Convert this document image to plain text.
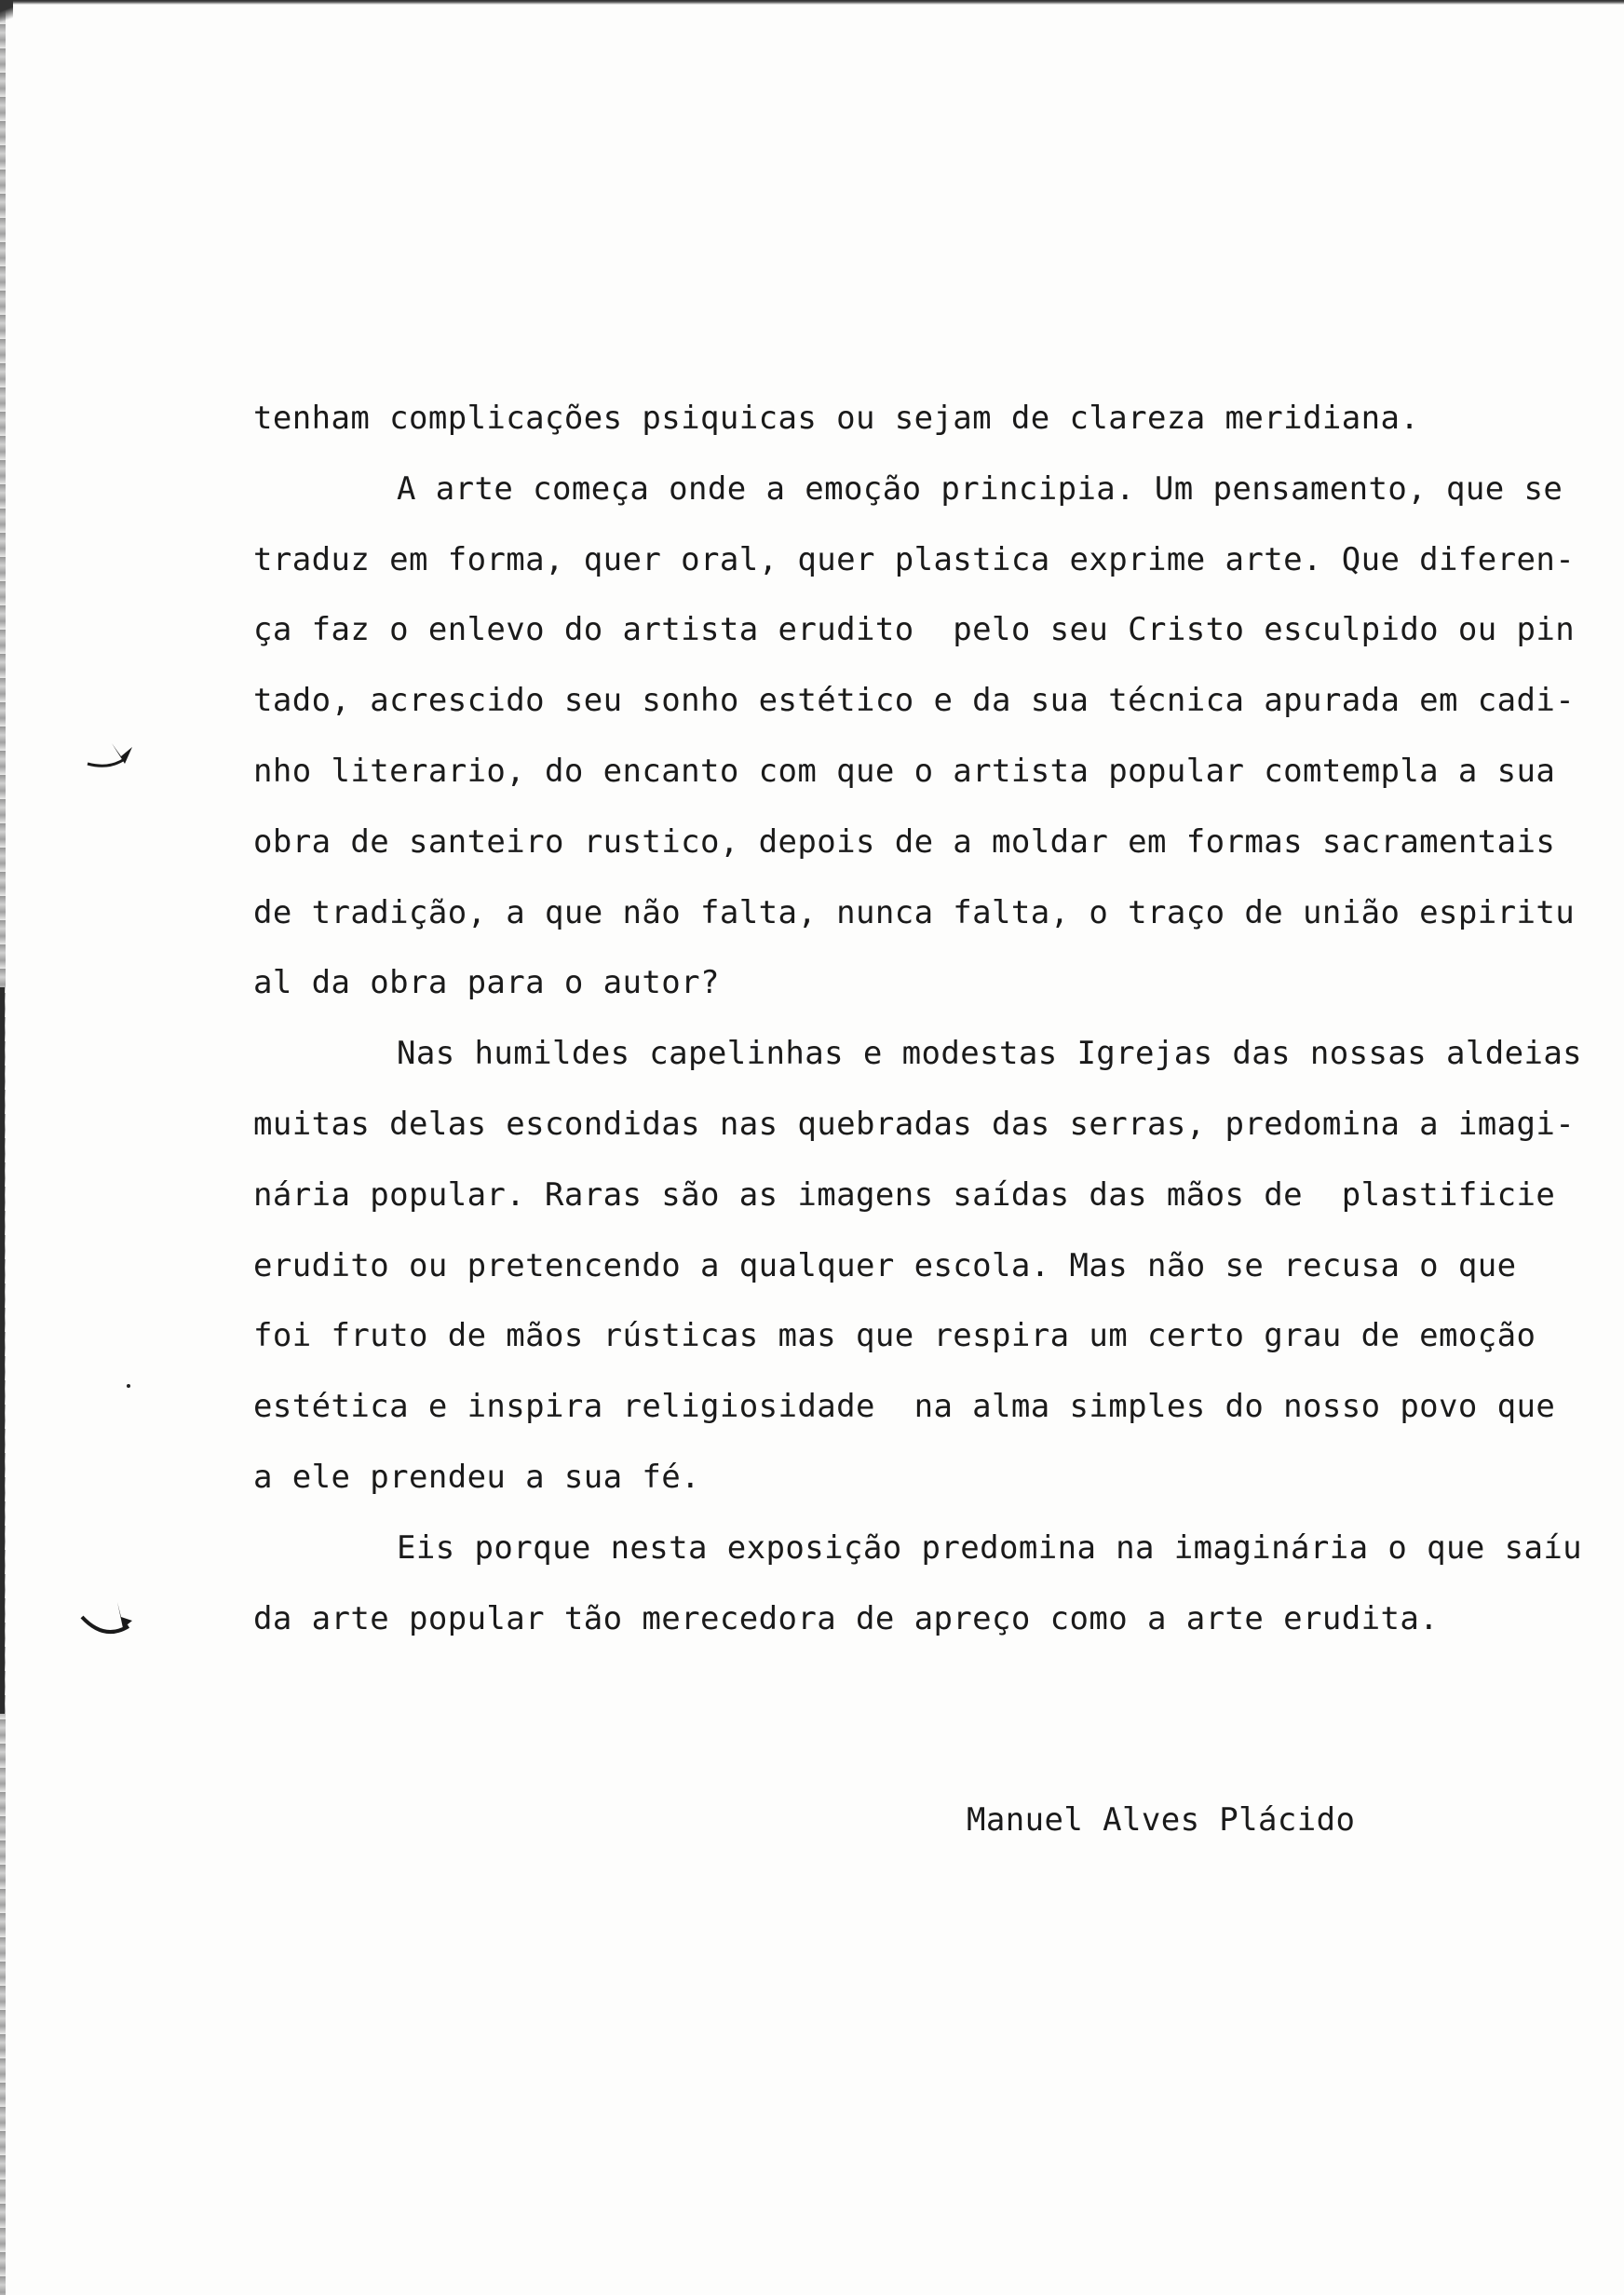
tenham complicações psiquicas ou sejam de clareza meridiana.
A arte começa onde a emoção principia. Um pensamento, que se
traduz em forma, quer oral, quer plastica exprime arte. Que diferen-
ça faz o enlevo do artista erudito  pelo seu Cristo esculpido ou pin
tado, acrescido seu sonho estético e da sua técnica apurada em cadi-
nho literario, do encanto com que o artista popular comtempla a sua
obra de santeiro rustico, depois de a moldar em formas sacramentais
de tradição, a que não falta, nunca falta, o traço de união espiritu
al da obra para o autor?
Nas humildes capelinhas e modestas Igrejas das nossas aldeias
muitas delas escondidas nas quebradas das serras, predomina a imagi-
nária popular. Raras são as imagens saídas das mãos de  plastificie
erudito ou pretencendo a qualquer escola. Mas não se recusa o que
foi fruto de mãos rústicas mas que respira um certo grau de emoção
estética e inspira religiosidade  na alma simples do nosso povo que
a ele prendeu a sua fé.
Eis porque nesta exposição predomina na imaginária o que saíu
da arte popular tão merecedora de apreço como a arte erudita.
Manuel Alves Plácido
